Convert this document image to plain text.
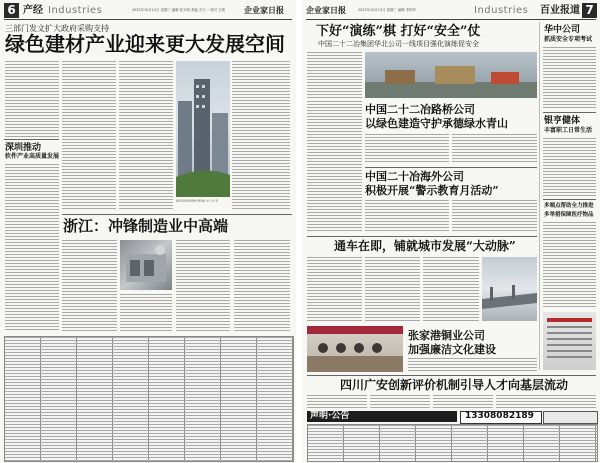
6 产经 Industries	2022年10月12日 星期三 编辑 张天明 美编 关天一 校对 王刚 企业家日报
三部门发文扩大政府采购支持
绿色建材产业迎来更大发展空间
绿色环保的先进建材在建筑施工中广泛应用
深圳推动
软件产业高质量发展
浙江：冲锋制造业中高端
企业家日报	2022年10月12日 星期三 编辑 李国华	Industries 百业报道 7
下好“演练”棋 打好“安全”仗
中国二十二冶集团华北公司一线项目强化演练促安全
中国二十二冶路桥公司
以绿色建造守护承德绿水青山
中国二十冶海外公司
积极开展“警示教育月活动”
通车在即，铺就城市发展“大动脉”
张家港铜业公司
加强廉洁文化建设
四川广安创新评价机制引导人才向基层流动
华中公司
抓质安全专项考试
银亨健体
丰富职工日常生活
多端点帮助全力推进
多举措保障医疗物品
声明·公告	13308082189
